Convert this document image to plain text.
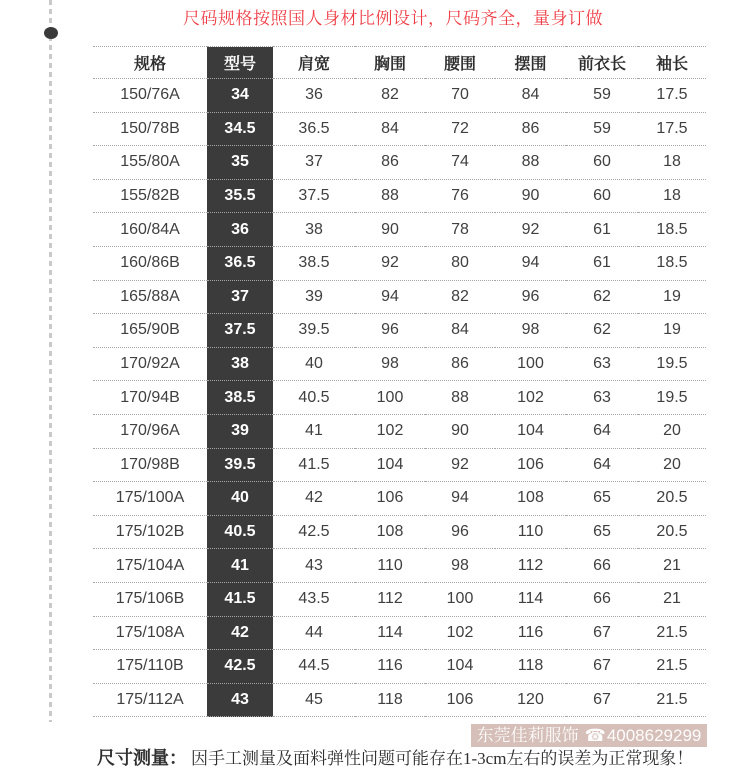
尺码规格按照国人身材比例设计，尺码齐全，量身订做
规格	型号	肩宽	胸围	腰围	摆围	前衣长	袖长
150/76A	34	36	82	70	84	59	17.5
150/78B	34.5	36.5	84	72	86	59	17.5
155/80A	35	37	86	74	88	60	18
155/82B	35.5	37.5	88	76	90	60	18
160/84A	36	38	90	78	92	61	18.5
160/86B	36.5	38.5	92	80	94	61	18.5
165/88A	37	39	94	82	96	62	19
165/90B	37.5	39.5	96	84	98	62	19
170/92A	38	40	98	86	100	63	19.5
170/94B	38.5	40.5	100	88	102	63	19.5
170/96A	39	41	102	90	104	64	20
170/98B	39.5	41.5	104	92	106	64	20
175/100A	40	42	106	94	108	65	20.5
175/102B	40.5	42.5	108	96	110	65	20.5
175/104A	41	43	110	98	112	66	21
175/106B	41.5	43.5	112	100	114	66	21
175/108A	42	44	114	102	116	67	21.5
175/110B	42.5	44.5	116	104	118	67	21.5
175/112A	43	45	118	106	120	67	21.5
东莞佳莉服饰 ☎4008629299
尺寸测量： 因手工测量及面料弹性问题可能存在1-3cm左右的误差为正常现象！
